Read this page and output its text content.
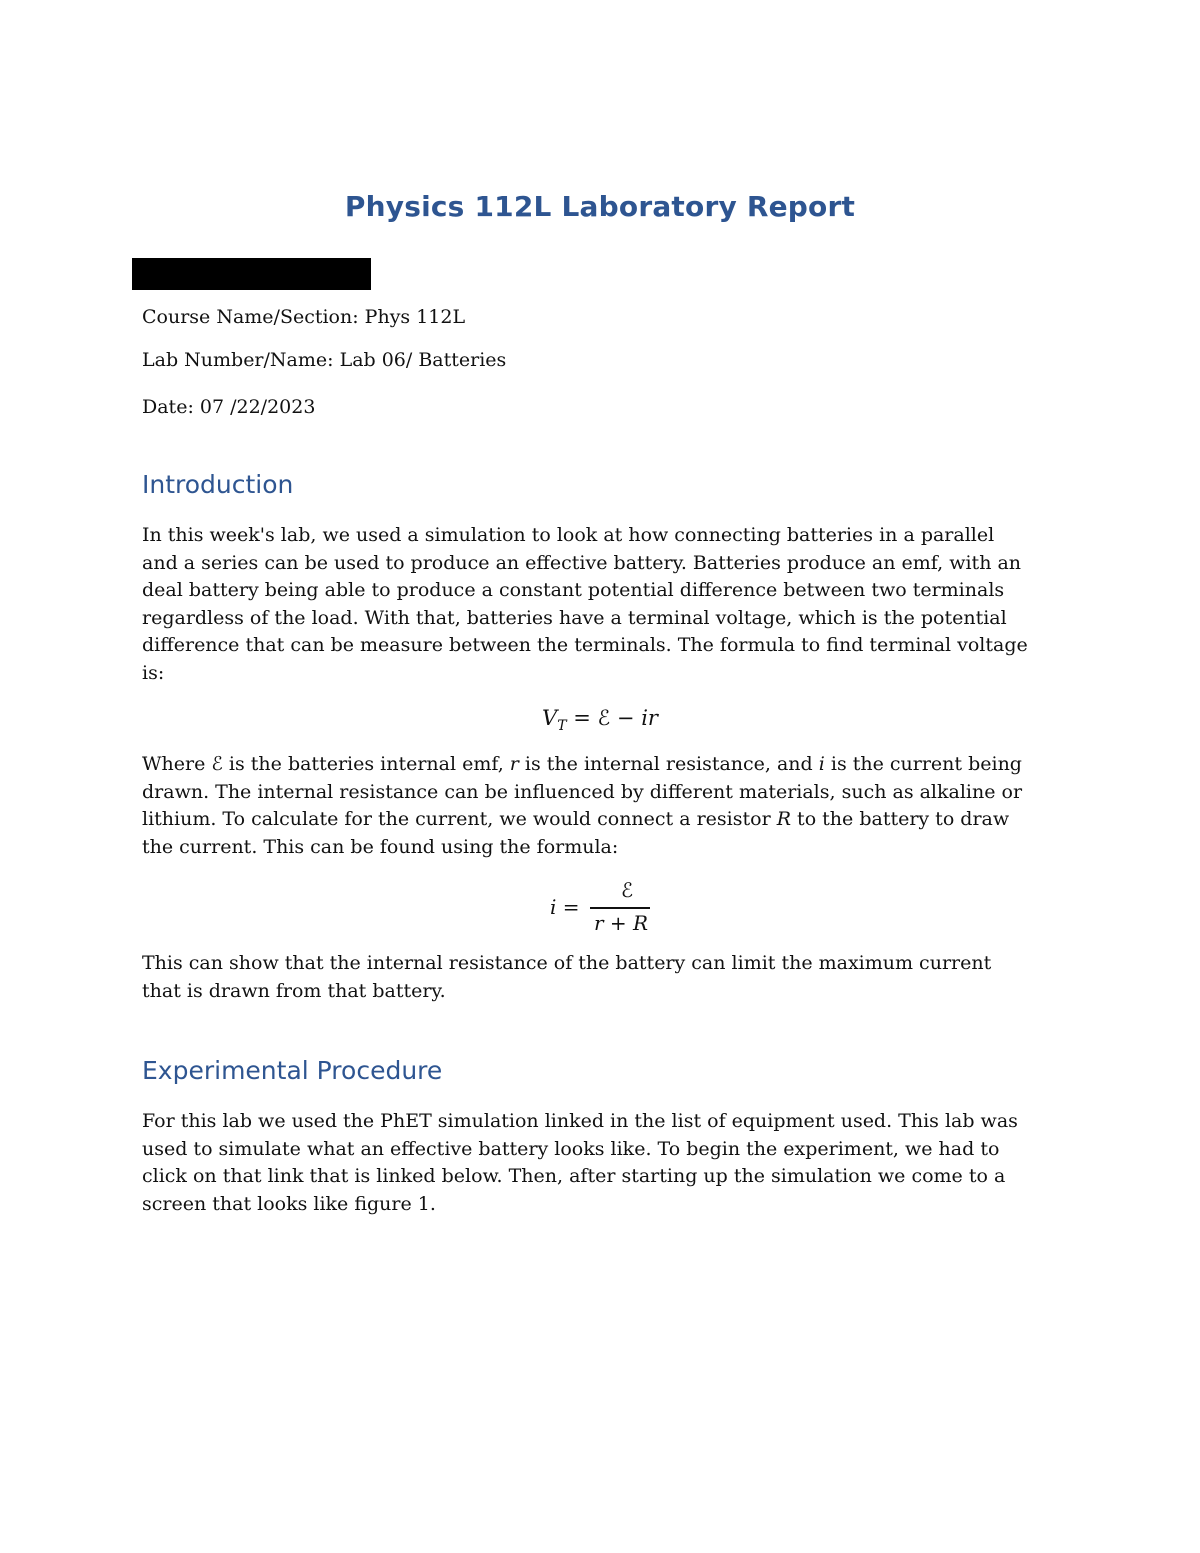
Physics 112L Laboratory Report
Course Name/Section: Phys 112L
Lab Number/Name: Lab 06/ Batteries
Date: 07 /22/2023
Introduction
In this week's lab, we used a simulation to look at how connecting batteries in a parallel
and a series can be used to produce an effective battery. Batteries produce an emf, with an
deal battery being able to produce a constant potential difference between two terminals
regardless of the load. With that, batteries have a terminal voltage, which is the potential
difference that can be measure between the terminals. The formula to find terminal voltage
is:
$V_T$ = ℰ − ir
Where ℰ is the batteries internal emf, r is the internal resistance, and i is the current being
drawn. The internal resistance can be influenced by different materials, such as alkaline or
lithium. To calculate for the current, we would connect a resistor R to the battery to draw
the current. This can be found using the formula:
i =
ℰ
r + R
This can show that the internal resistance of the battery can limit the maximum current
that is drawn from that battery.
Experimental Procedure
For this lab we used the PhET simulation linked in the list of equipment used. This lab was
used to simulate what an effective battery looks like. To begin the experiment, we had to
click on that link that is linked below. Then, after starting up the simulation we come to a
screen that looks like figure 1.
